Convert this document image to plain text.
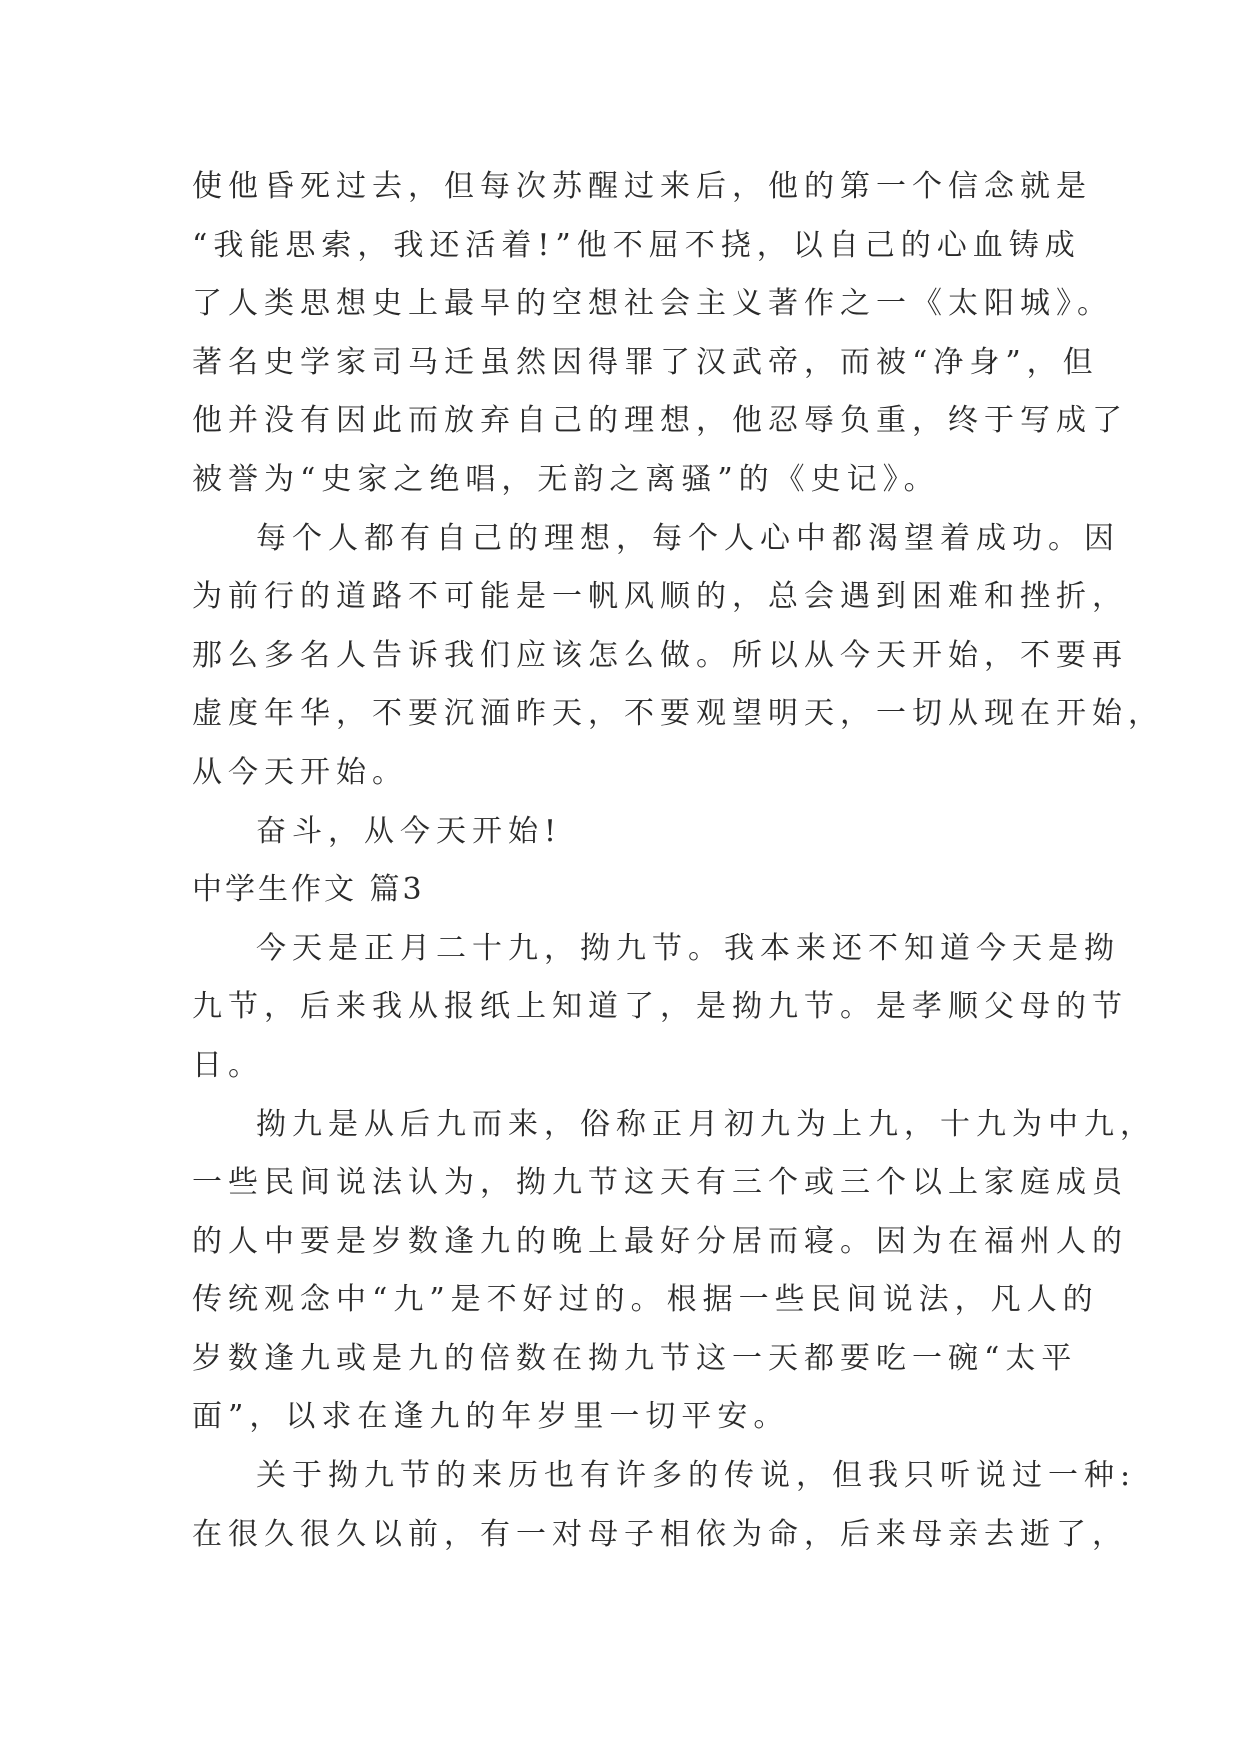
使他昏死过去，但每次苏醒过来后，他的第一个信念就是
“我能思索，我还活着!”他不屈不挠，以自己的心血铸成
了人类思想史上最早的空想社会主义著作之一《太阳城》。
著名史学家司马迁虽然因得罪了汉武帝，而被“净身”，但
他并没有因此而放弃自己的理想，他忍辱负重，终于写成了
被誉为“史家之绝唱，无韵之离骚”的《史记》。
每个人都有自己的理想，每个人心中都渴望着成功。因
为前行的道路不可能是一帆风顺的，总会遇到困难和挫折，
那么多名人告诉我们应该怎么做。所以从今天开始，不要再
虚度年华，不要沉湎昨天，不要观望明天，一切从现在开始，
从今天开始。
奋斗，从今天开始!
中学生作文 篇3
今天是正月二十九，拗九节。我本来还不知道今天是拗
九节，后来我从报纸上知道了，是拗九节。是孝顺父母的节
日。
拗九是从后九而来，俗称正月初九为上九，十九为中九，
一些民间说法认为，拗九节这天有三个或三个以上家庭成员
的人中要是岁数逢九的晚上最好分居而寝。因为在福州人的
传统观念中“九”是不好过的。根据一些民间说法，凡人的
岁数逢九或是九的倍数在拗九节这一天都要吃一碗“太平
面”，以求在逢九的年岁里一切平安。
关于拗九节的来历也有许多的传说，但我只听说过一种:
在很久很久以前，有一对母子相依为命，后来母亲去逝了，
